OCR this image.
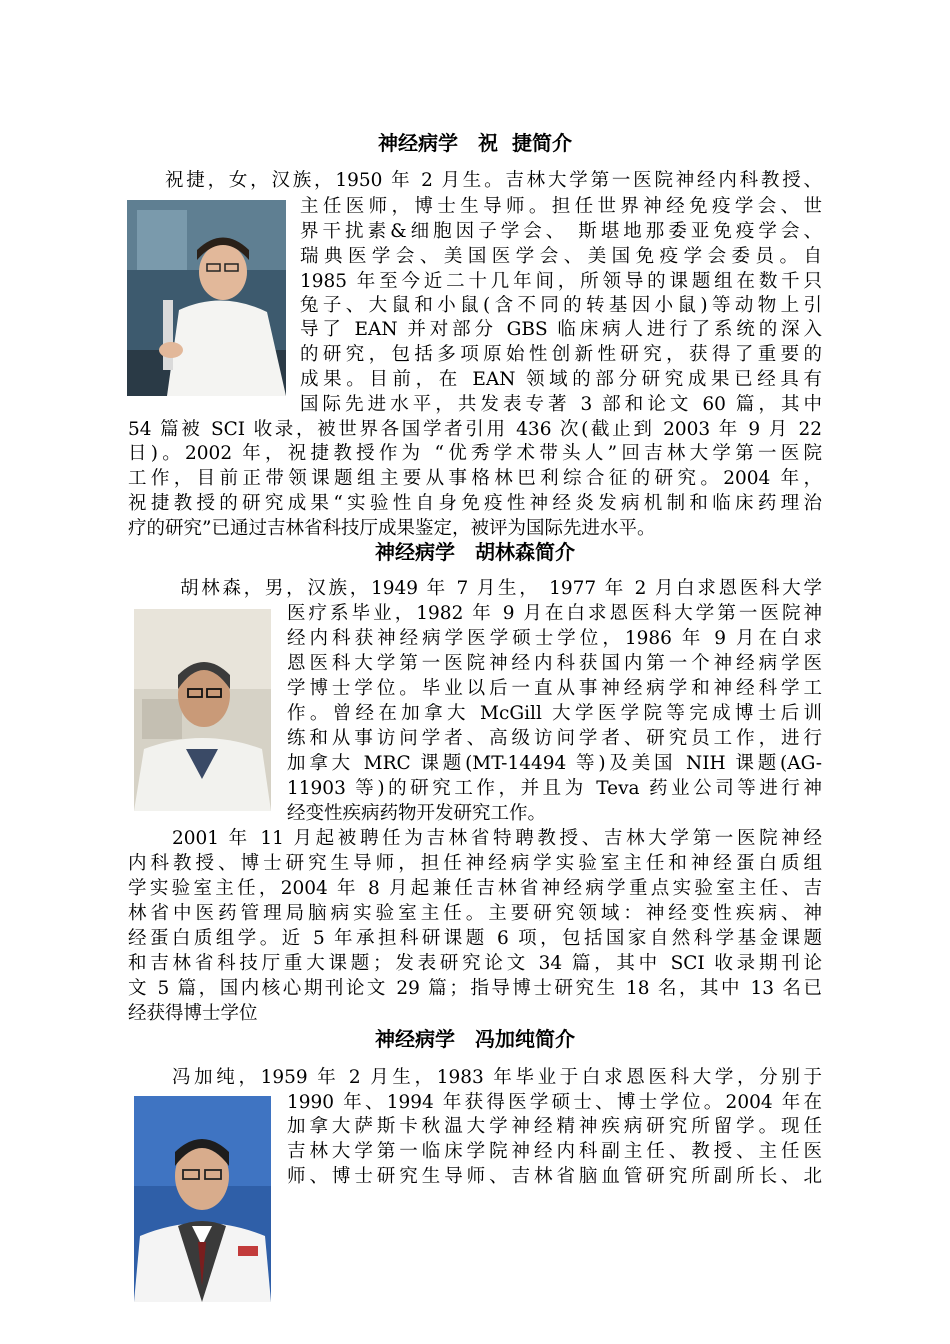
神经病学　祝  捷简介
祝捷，女，汉族，1950 年 2 月生。吉林大学第一医院神经内科教授、
主任医师，博士生导师。担任世界神经免疫学会、世
界干扰素&细胞因子学会、 斯堪地那委亚免疫学会、
瑞典医学会、美国医学会、美国免疫学会委员。自
1985 年至今近二十几年间，所领导的课题组在数千只
兔子、大鼠和小鼠(含不同的转基因小鼠)等动物上引
导了 EAN 并对部分 GBS 临床病人进行了系统的深入
的研究，包括多项原始性创新性研究，获得了重要的
成果。目前，在 EAN 领域的部分研究成果已经具有
国际先进水平，共发表专著 3 部和论文 60 篇，其中
54 篇被 SCI 收录，被世界各国学者引用 436 次(截止到 2003 年 9 月 22
日)。2002 年，祝捷教授作为 “优秀学术带头人”回吉林大学第一医院
工作，目前正带领课题组主要从事格林巴利综合征的研究。2004 年，
祝捷教授的研究成果“实验性自身免疫性神经炎发病机制和临床药理治
疗的研究”已通过吉林省科技厅成果鉴定，被评为国际先进水平。
神经病学　胡林森简介
胡林森，男，汉族，1949 年 7 月生， 1977 年 2 月白求恩医科大学
医疗系毕业，1982 年 9 月在白求恩医科大学第一医院神
经内科获神经病学医学硕士学位，1986 年 9 月在白求
恩医科大学第一医院神经内科获国内第一个神经病学医
学博士学位。毕业以后一直从事神经病学和神经科学工
作。曾经在加拿大 McGill 大学医学院等完成博士后训
练和从事访问学者、高级访问学者、研究员工作，进行
加拿大 MRC 课题(MT-14494 等)及美国 NIH 课题(AG-
11903 等)的研究工作，并且为 Teva 药业公司等进行神
经变性疾病药物开发研究工作。
2001 年 11 月起被聘任为吉林省特聘教授、吉林大学第一医院神经
内科教授、博士研究生导师，担任神经病学实验室主任和神经蛋白质组
学实验室主任，2004 年 8 月起兼任吉林省神经病学重点实验室主任、吉
林省中医药管理局脑病实验室主任。主要研究领域：神经变性疾病、神
经蛋白质组学。近 5 年承担科研课题 6 项，包括国家自然科学基金课题
和吉林省科技厅重大课题；发表研究论文 34 篇，其中 SCI 收录期刊论
文 5 篇，国内核心期刊论文 29 篇；指导博士研究生 18 名，其中 13 名已
经获得博士学位
神经病学　冯加纯简介
冯加纯，1959 年 2 月生，1983 年毕业于白求恩医科大学，分别于
1990 年、1994 年获得医学硕士、博士学位。2004 年在
加拿大萨斯卡秋温大学神经精神疾病研究所留学。现任
吉林大学第一临床学院神经内科副主任、教授、主任医
师、博士研究生导师、吉林省脑血管研究所副所长、北
